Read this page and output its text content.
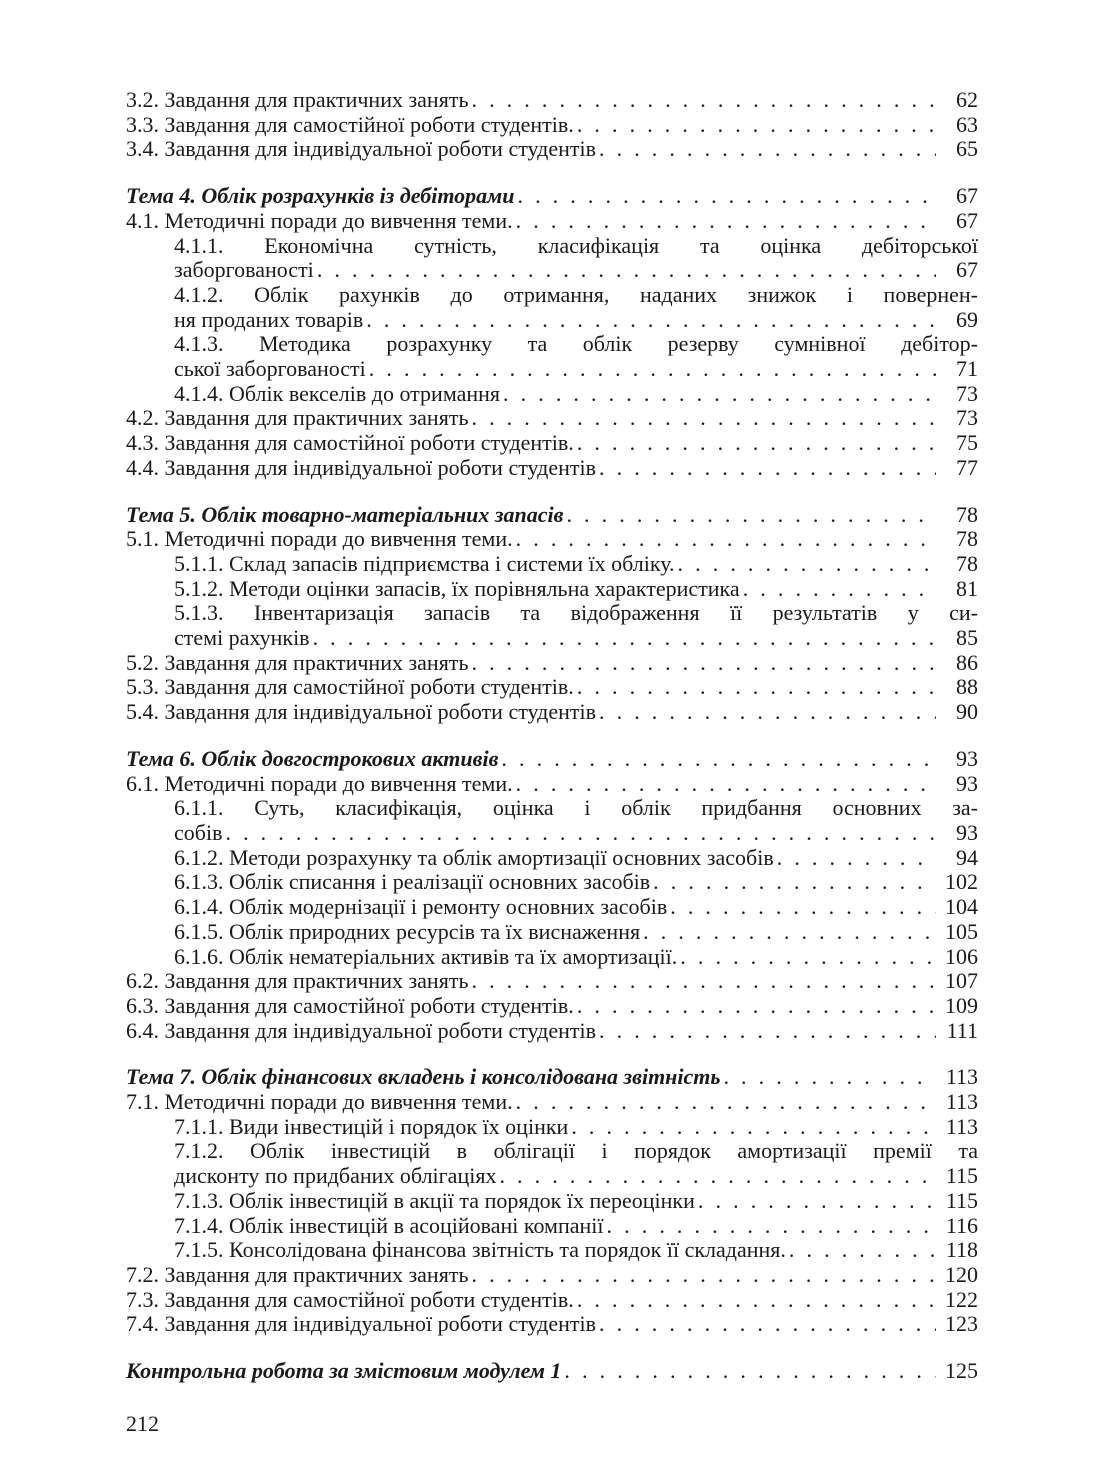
3.2. Завдання для практичних занять . . .	62
3.3. Завдання для самостійної роботи студентів. . . .	63
3.4. Завдання для індивідуальної роботи студентів . . .	65
Тема 4. Облік розрахунків із дебіторами . . .	67
4.1. Методичні поради до вивчення теми. . . .	67
4.1.1. Економічна сутність, класифікація та оцінка дебіторської
заборгованості . . .	67
4.1.2. Облік рахунків до отримання, наданих знижок і повернен-
ня проданих товарів . . .	69
4.1.3. Методика розрахунку та облік резерву сумнівної дебітор-
ської заборгованості . . .	71
4.1.4. Облік векселів до отримання . . .	73
4.2. Завдання для практичних занять . . .	73
4.3. Завдання для самостійної роботи студентів. . . .	75
4.4. Завдання для індивідуальної роботи студентів . . .	77
Тема 5. Облік товарно-матеріальних запасів . . .	78
5.1. Методичні поради до вивчення теми. . . .	78
5.1.1. Склад запасів підприємства і системи їх обліку. . . .	78
5.1.2. Методи оцінки запасів, їх порівняльна характеристика . . .	81
5.1.3. Інвентаризація запасів та відображення її результатів у си-
стемі рахунків . . .	85
5.2. Завдання для практичних занять . . .	86
5.3. Завдання для самостійної роботи студентів. . . .	88
5.4. Завдання для індивідуальної роботи студентів . . .	90
Тема 6. Облік довгострокових активів . . .	93
6.1. Методичні поради до вивчення теми. . . .	93
6.1.1. Суть, класифікація, оцінка і облік придбання основних за-
собів . . .	93
6.1.2. Методи розрахунку та облік амортизації основних засобів . . .	94
6.1.3. Облік списання і реалізації основних засобів . . .	102
6.1.4. Облік модернізації і ремонту основних засобів . . .	104
6.1.5. Облік природних ресурсів та їх виснаження . . .	105
6.1.6. Облік нематеріальних активів та їх амортизації. . . .	106
6.2. Завдання для практичних занять . . .	107
6.3. Завдання для самостійної роботи студентів. . . .	109
6.4. Завдання для індивідуальної роботи студентів . . .	111
Тема 7. Облік фінансових вкладень і консолідована звітність . . .	113
7.1. Методичні поради до вивчення теми. . . .	113
7.1.1. Види інвестицій і порядок їх оцінки . . .	113
7.1.2. Облік інвестицій в облігації і порядок амортизації премії та
дисконту по придбаних облігаціях . . .	115
7.1.3. Облік інвестицій в акції та порядок їх переоцінки . . .	115
7.1.4. Облік інвестицій в асоційовані компанії . . .	116
7.1.5. Консолідована фінансова звітність та порядок її складання. . . .	118
7.2. Завдання для практичних занять . . .	120
7.3. Завдання для самостійної роботи студентів. . . .	122
7.4. Завдання для індивідуальної роботи студентів . . .	123
Контрольна робота за змістовим модулем 1 . . .	125
212
